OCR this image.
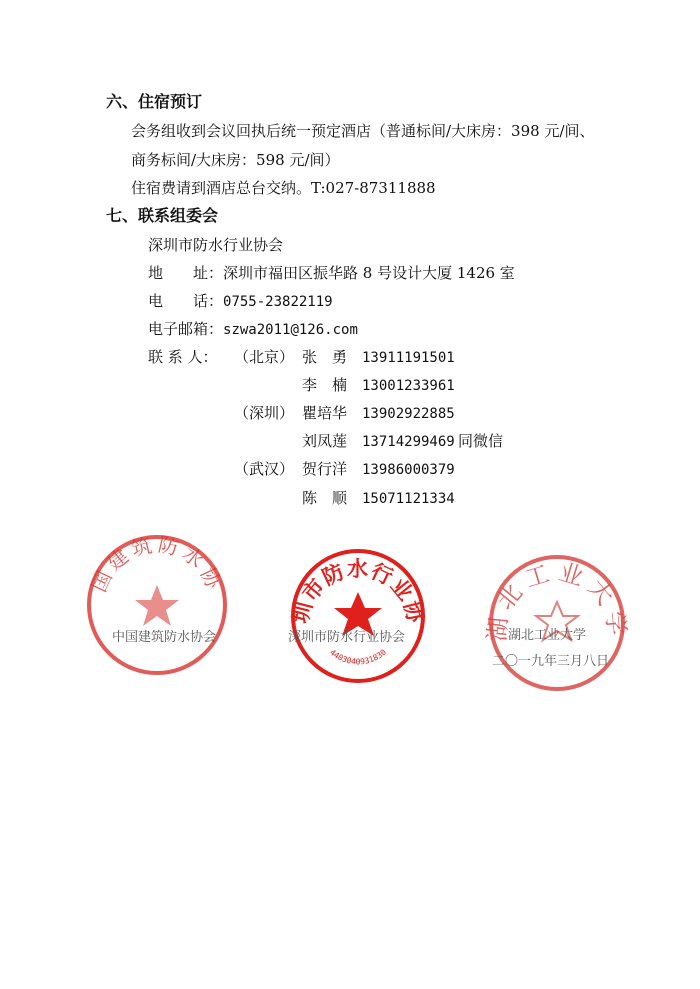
六、住宿预订
会务组收到会议回执后统一预定酒店（普通标间/大床房：398 元/间、
商务标间/大床房：598 元/间）
住宿费请到酒店总台交纳。T:027-87311888
七、联系组委会
深圳市防水行业协会
地　　址：深圳市福田区振华路 8 号设计大厦 1426 室
电　　话：0755-23822119
电子邮箱：szwa2011@126.com
联 系 人： （北京） 张　勇 13911191501
李　楠 13001233961
（深圳） 瞿培华 13902922885
刘凤莲 13714299469 同微信
（武汉） 贺行洋 13986000379
陈　顺 15071121334
中国建筑防水协会
中国建筑防水协会
深圳市防水行业协会
4403040931830
深圳市防水行业协会	湖北工业大学
湖北工业大学
二〇一九年三月八日
